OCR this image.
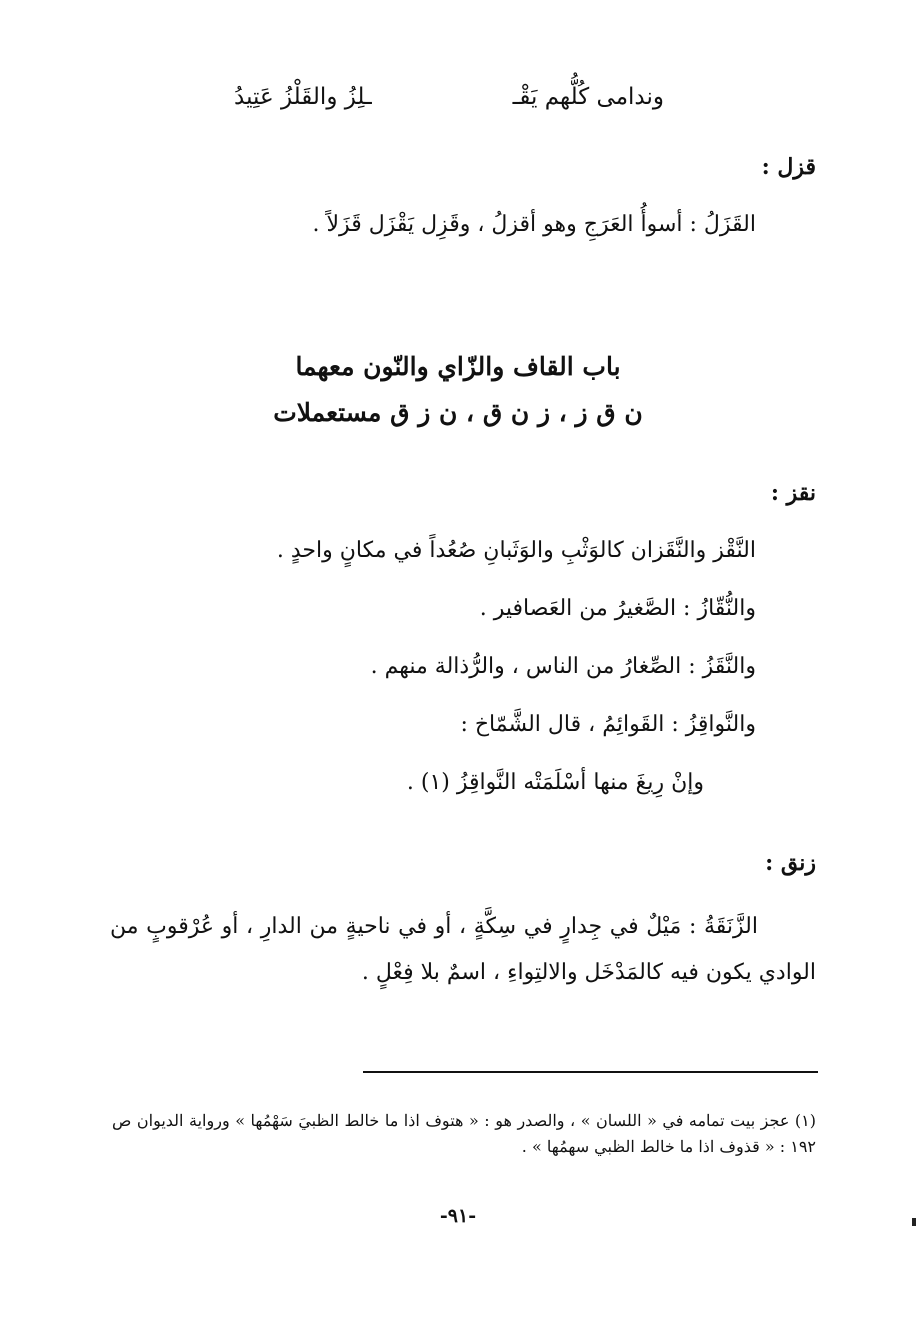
وندامى كُلُّهم يَقْـ
ـلِزُ والقَلْزُ عَتِيدُ
قزل :
القَزَلُ : أسوأُ العَرَجِ وهو أقزلُ ، وقَزِل يَقْزَل قَزَلاً .
باب القاف والزّاي والنّون معهما
ن ق ز ، ز ن ق ، ن ز ق مستعملات
نقز :
النَّقْز والنَّقَزان كالوَثْبِ والوَثَبانِ صُعُداً في مكانٍ واحدٍ .
والنُّقّازُ : الصَّغيرُ من العَصافير .
والنَّقَزُ : الصِّغارُ من الناس ، والرُّذالة منهم .
والنَّواقِزُ : القَوائِمُ ، قال الشَّمّاخ :
وإنْ رِيغَ منها أسْلَمَتْه النَّواقِزُ (١) .
زنق :
الزَّنَقَةُ : مَيْلٌ في جِدارٍ في سِكَّةٍ ، أو في ناحيةٍ من الدارِ ، أو عُرْقوبٍ من الوادي يكون فيه كالمَدْخَل والالتِواءِ ، اسمٌ بلا فِعْلٍ .
(١) عجز بيت تمامه في « اللسان » ، والصدر هو : « هتوف اذا ما خالط الظبيَ سَهْمُها » ورواية الديوان ص ١٩٢ : « قذوف اذا ما خالط الظبي سهمُها » .
-٩١-
